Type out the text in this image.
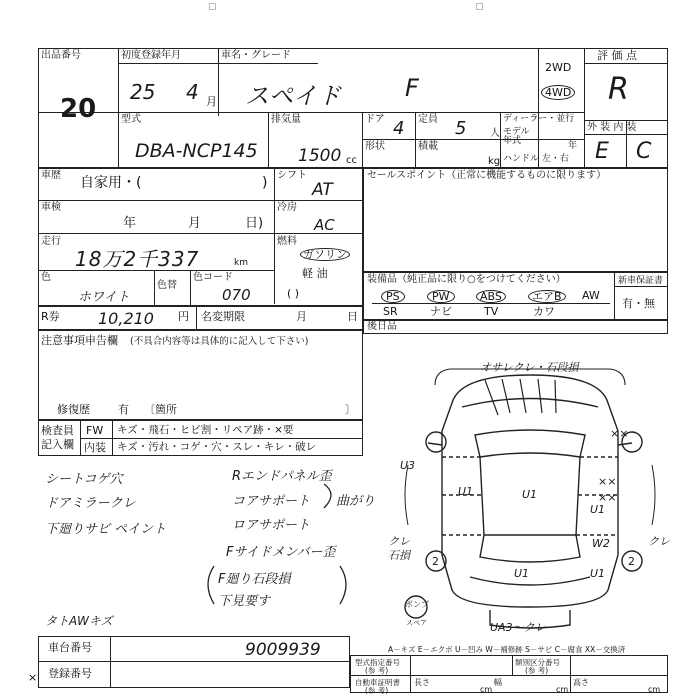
▢	▢
出品番号
20
初度登録年月
25 4 月
車名・グレード
スペイド	F
2WD
4WD
評 価 点
R
型式
DBA-NCP145
排気量
1500 cc
ドア 4
形状
定員 5 人
積載
kg
ディーラー・並行
モデル年式	年
ハンドル 左・右
外 装 内 装
E C
車歴 自家用・(	) シフト
AT
車検
年	月	日)
冷房
AC
走行
18万2千337	km
燃料
ガソリン
軽 油
( )
色
ホワイト
色替
色コード
070
セールスポイント（正常に機能するものに限ります）
装備品（純正品に限り○をつけてください）	新車保証書
有・無
PS	PW	ABS	エアB	AW
SR	ナビ	TV	カワ
R券 10,210 円 名変期限	月	日
後日品
注意事項申告欄 (不具合内容等は具体的に記入して下さい)
修復歴	有 〔箇所	〕
検査員記入欄
FW キズ・飛石・ヒビ割・リペア跡・×要
内装 キズ・汚れ・コゲ・穴・スレ・キレ・破レ
シートコゲ穴
ドアミラークレ
下廻りサビ ペイント
Rエンドパネル歪
コアサポート
ロアサポート
曲がり
Fサイドメンバー歪
F廻り石段損
下見要す
タトAWキズ
オサレクレ・石段損
××
××
××
U3
U1	U1
U1
U1
U1
W2
クレ
石損
クレ
2	2
UA3〜クレ
ポンプ
スペア
A－キズ E－エクボ U－凹み W－補修跡 S－サビ C－腐食 XX－交換済
車台番号	9009939
登録番号
×
型式指定番号
(参 考)
類別区分番号
(参 考)
自動車証明書
(参 考)
長さ
cm
幅
cm
高さ
cm
